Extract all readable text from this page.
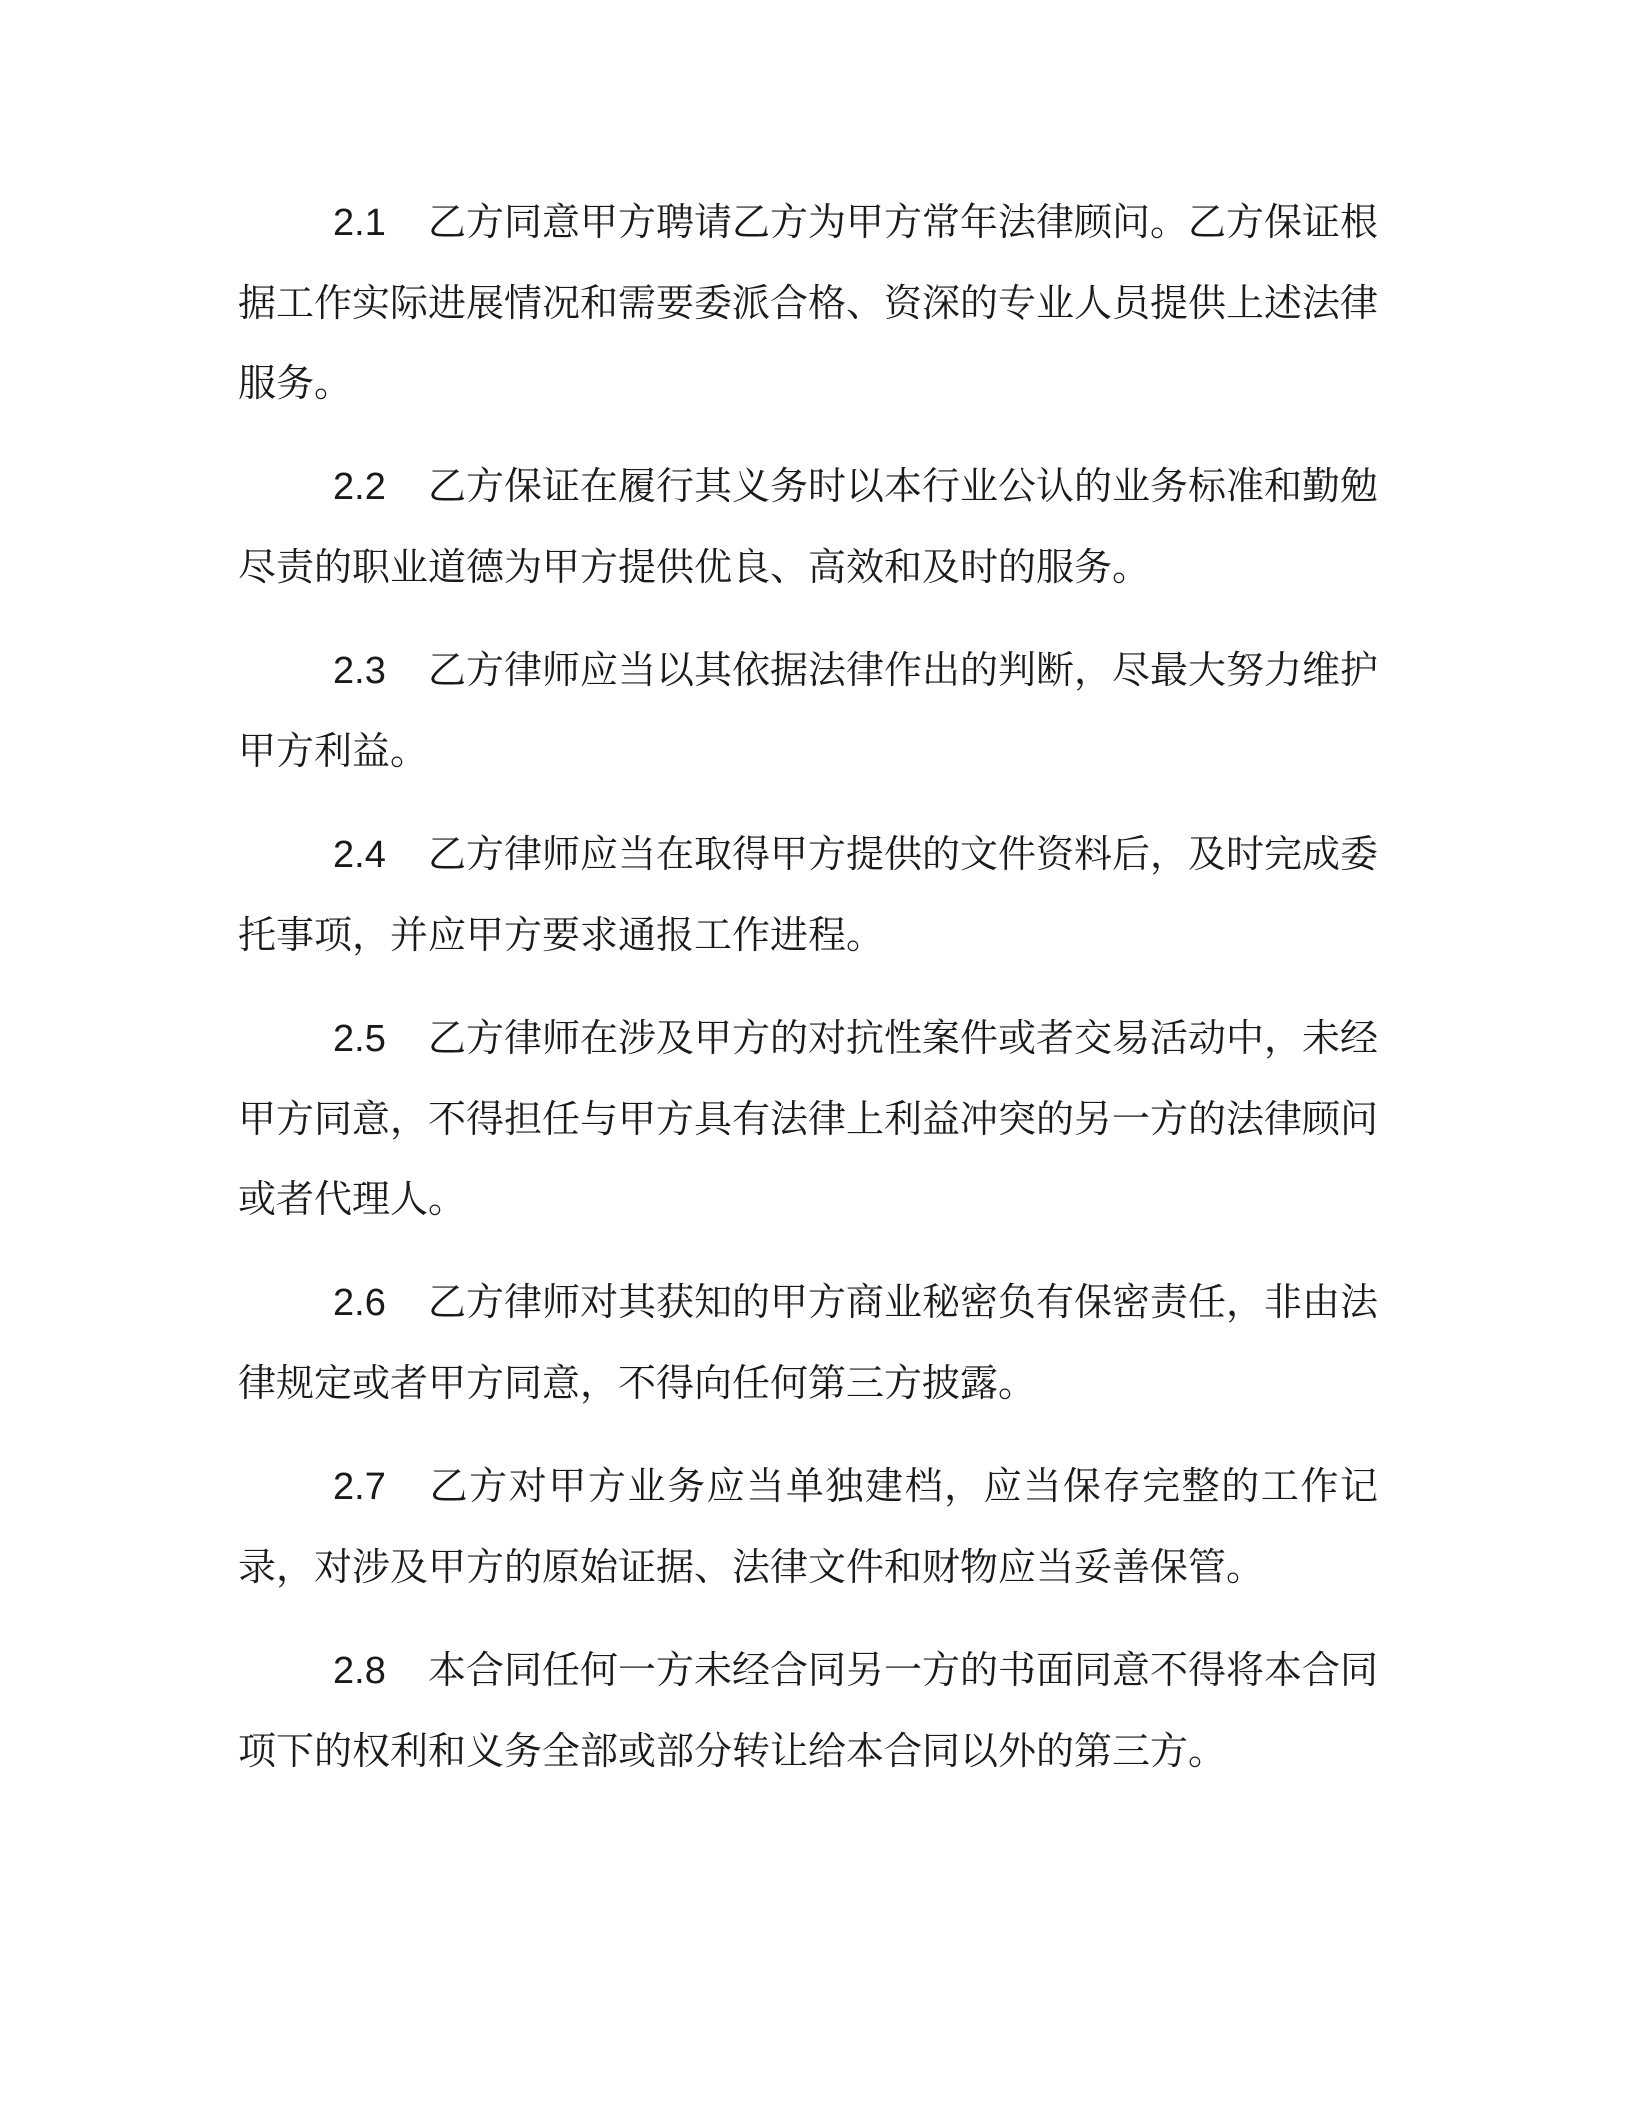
2.1 乙方同意甲方聘请乙方为甲方常年法律顾问。乙方保证根据工作实际进展情况和需要委派合格、资深的专业人员提供上述法律服务。

2.2 乙方保证在履行其义务时以本行业公认的业务标准和勤勉尽责的职业道德为甲方提供优良、高效和及时的服务。

2.3 乙方律师应当以其依据法律作出的判断，尽最大努力维护甲方利益。

2.4 乙方律师应当在取得甲方提供的文件资料后，及时完成委托事项，并应甲方要求通报工作进程。

2.5 乙方律师在涉及甲方的对抗性案件或者交易活动中，未经甲方同意，不得担任与甲方具有法律上利益冲突的另一方的法律顾问或者代理人。

2.6 乙方律师对其获知的甲方商业秘密负有保密责任，非由法律规定或者甲方同意，不得向任何第三方披露。

2.7 乙方对甲方业务应当单独建档，应当保存完整的工作记录，对涉及甲方的原始证据、法律文件和财物应当妥善保管。

2.8 本合同任何一方未经合同另一方的书面同意不得将本合同项下的权利和义务全部或部分转让给本合同以外的第三方。
